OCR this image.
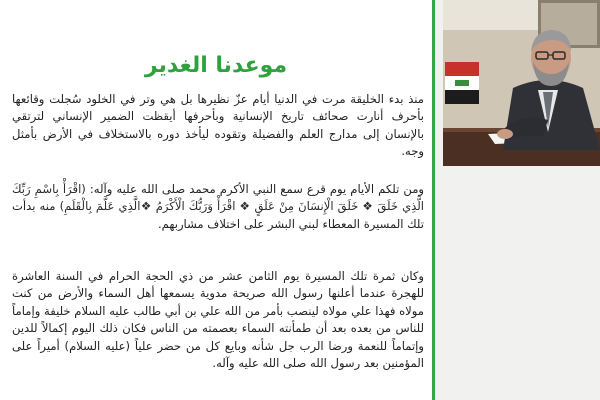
موعدنا الغدير

منذ بدء الخليقة مرت في الدنيا أيام عزّ نظيرها بل هي وتر في الخلود سُجلت وقائعها بأحرف أنارت صحائف تاريخ الإنسانية وبأحرفها أيقظت الضمير الإنساني لترتقي بالإنسان إلى مدارج العلم والفضيلة وتقوده ليأخذ دوره بالاستخلاف في الأرض بأمثل وجه.

ومن تلكم الأيام يوم قرع سمع النبي الأكرم محمد صلى الله عليه وآله: (اقْرَأْ بِاسْمِ رَبِّكَ الَّذِي خَلَقَ ❖ خَلَقَ الْإِنسَانَ مِنْ عَلَقٍ ❖ اقْرَأْ وَرَبُّكَ الْأَكْرَمُ ❖الَّذِي عَلَّمَ بِالْقَلَمِ) منه بدأت تلك المسيرة المعطاء لبني البشر على اختلاف مشاربهم.

وكان ثمرة تلك المسيرة يوم الثامن عشر من ذي الحجة الحرام في السنة العاشرة للهجرة عندما أعلنها رسول الله صريحة مدوية يسمعها أهل السماء والأرض من كنت مولاه فهذا علي مولاه لينصب بأمر من الله علي بن أبي طالب عليه السلام خليفة وإماماً للناس من بعده بعد أن طمأنته السماء بعصمته من الناس فكان ذلك اليوم إكمالاً للدين وإتماماً للنعمة ورضا الرب جل شأنه وبايع كل من حضر علياً (عليه السلام) أميراً على المؤمنين بعد رسول الله صلى الله عليه وآله.
